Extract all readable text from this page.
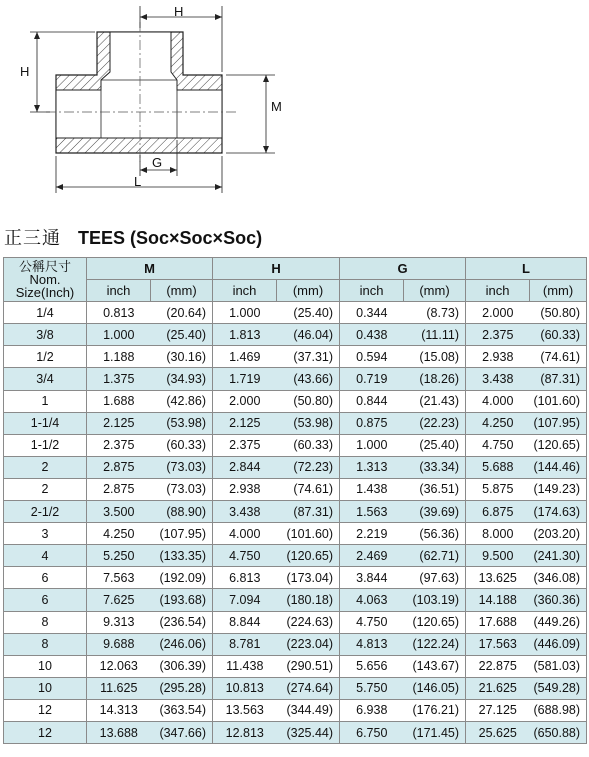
H
H
M
G
L
正三通 TEES (Soc×Soc×Soc)
公稱尺寸
Nom.
Size(Inch)	M		H		G		L	
	inch	(mm)	inch	(mm)	inch	(mm)	inch	(mm)
1/4	0.813	(20.64)	1.000	(25.40)	0.344	(8.73)	2.000	(50.80)
3/8	1.000	(25.40)	1.813	(46.04)	0.438	(11.11)	2.375	(60.33)
1/2	1.188	(30.16)	1.469	(37.31)	0.594	(15.08)	2.938	(74.61)
3/4	1.375	(34.93)	1.719	(43.66)	0.719	(18.26)	3.438	(87.31)
1	1.688	(42.86)	2.000	(50.80)	0.844	(21.43)	4.000	(101.60)
1-1/4	2.125	(53.98)	2.125	(53.98)	0.875	(22.23)	4.250	(107.95)
1-1/2	2.375	(60.33)	2.375	(60.33)	1.000	(25.40)	4.750	(120.65)
2	2.875	(73.03)	2.844	(72.23)	1.313	(33.34)	5.688	(144.46)
2	2.875	(73.03)	2.938	(74.61)	1.438	(36.51)	5.875	(149.23)
2-1/2	3.500	(88.90)	3.438	(87.31)	1.563	(39.69)	6.875	(174.63)
3	4.250	(107.95)	4.000	(101.60)	2.219	(56.36)	8.000	(203.20)
4	5.250	(133.35)	4.750	(120.65)	2.469	(62.71)	9.500	(241.30)
6	7.563	(192.09)	6.813	(173.04)	3.844	(97.63)	13.625	(346.08)
6	7.625	(193.68)	7.094	(180.18)	4.063	(103.19)	14.188	(360.36)
8	9.313	(236.54)	8.844	(224.63)	4.750	(120.65)	17.688	(449.26)
8	9.688	(246.06)	8.781	(223.04)	4.813	(122.24)	17.563	(446.09)
10	12.063	(306.39)	11.438	(290.51)	5.656	(143.67)	22.875	(581.03)
10	11.625	(295.28)	10.813	(274.64)	5.750	(146.05)	21.625	(549.28)
12	14.313	(363.54)	13.563	(344.49)	6.938	(176.21)	27.125	(688.98)
12	13.688	(347.66)	12.813	(325.44)	6.750	(171.45)	25.625	(650.88)
